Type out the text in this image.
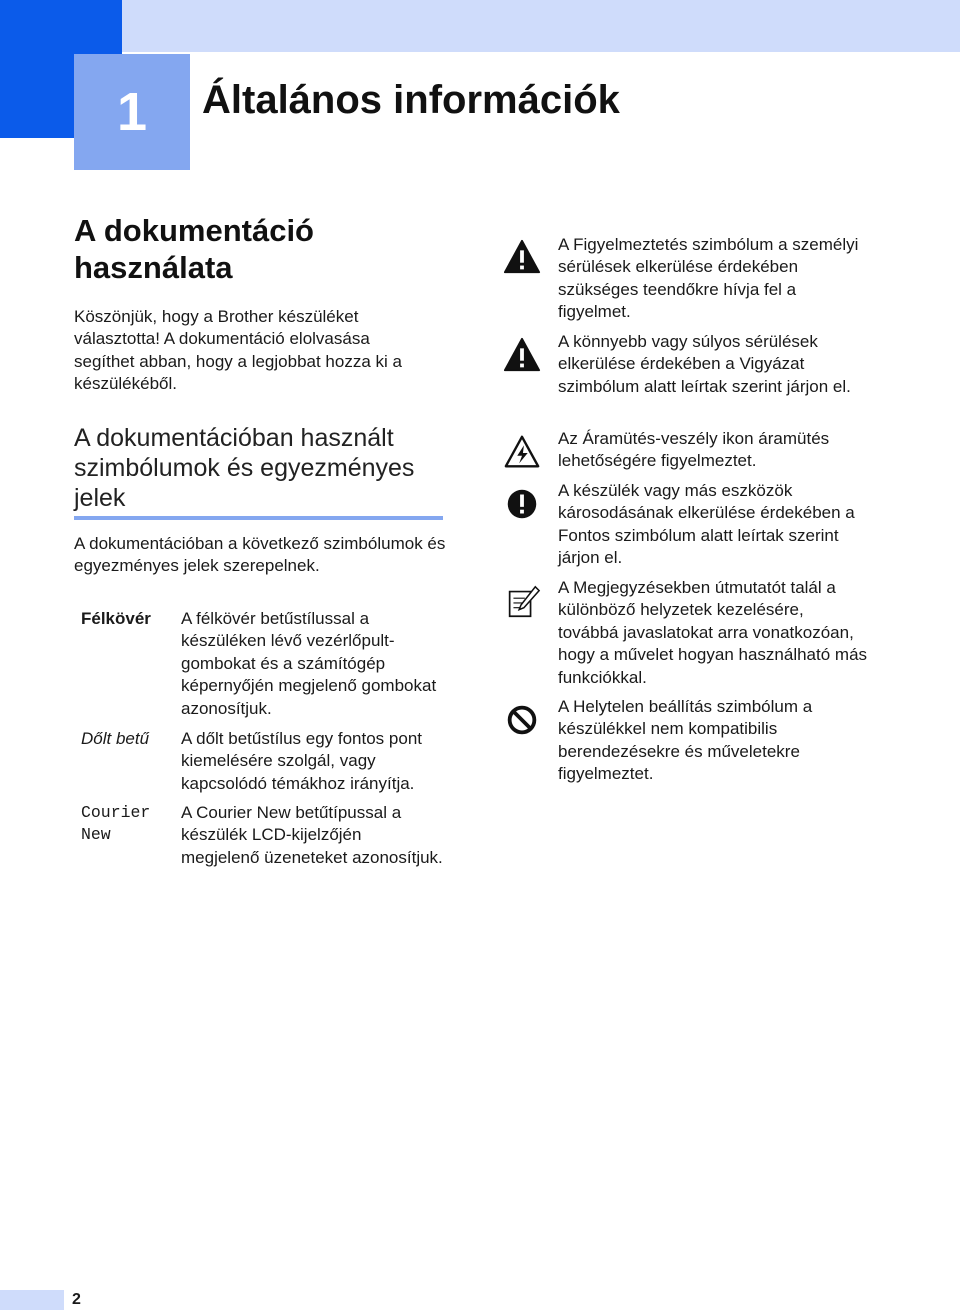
1	Általános információk
A dokumentáció használata
Köszönjük, hogy a Brother készüléket választotta! A dokumentáció elolvasása segíthet abban, hogy a legjobbat hozza ki a készülékéből.
A dokumentációban használt szimbólumok és egyezményes jelek
A dokumentációban a következő szimbólumok és egyezményes jelek szerepelnek.
Félkövér A félkövér betűstílussal a készüléken lévő vezérlőpult-gombokat és a számítógép képernyőjén megjelenő gombokat azonosítjuk.
Dőlt betű A dőlt betűstílus egy fontos pont kiemelésére szolgál, vagy kapcsolódó témákhoz irányítja.
Courier New
A Courier New betűtípussal a készülék LCD-kijelzőjén megjelenő üzeneteket azonosítjuk.
A Figyelmeztetés szimbólum a személyi sérülések elkerülése érdekében szükséges teendőkre hívja fel a figyelmet.
A könnyebb vagy súlyos sérülések elkerülése érdekében a Vigyázat szimbólum alatt leírtak szerint járjon el.
Az Áramütés-veszély ikon áramütés lehetőségére figyelmeztet.
A készülék vagy más eszközök károsodásának elkerülése érdekében a Fontos szimbólum alatt leírtak szerint járjon el.
A Megjegyzésekben útmutatót talál a különböző helyzetek kezelésére, továbbá javaslatokat arra vonatkozóan, hogy a művelet hogyan használható más funkciókkal.
A Helytelen beállítás szimbólum a készülékkel nem kompatibilis berendezésekre és műveletekre figyelmeztet.
2
